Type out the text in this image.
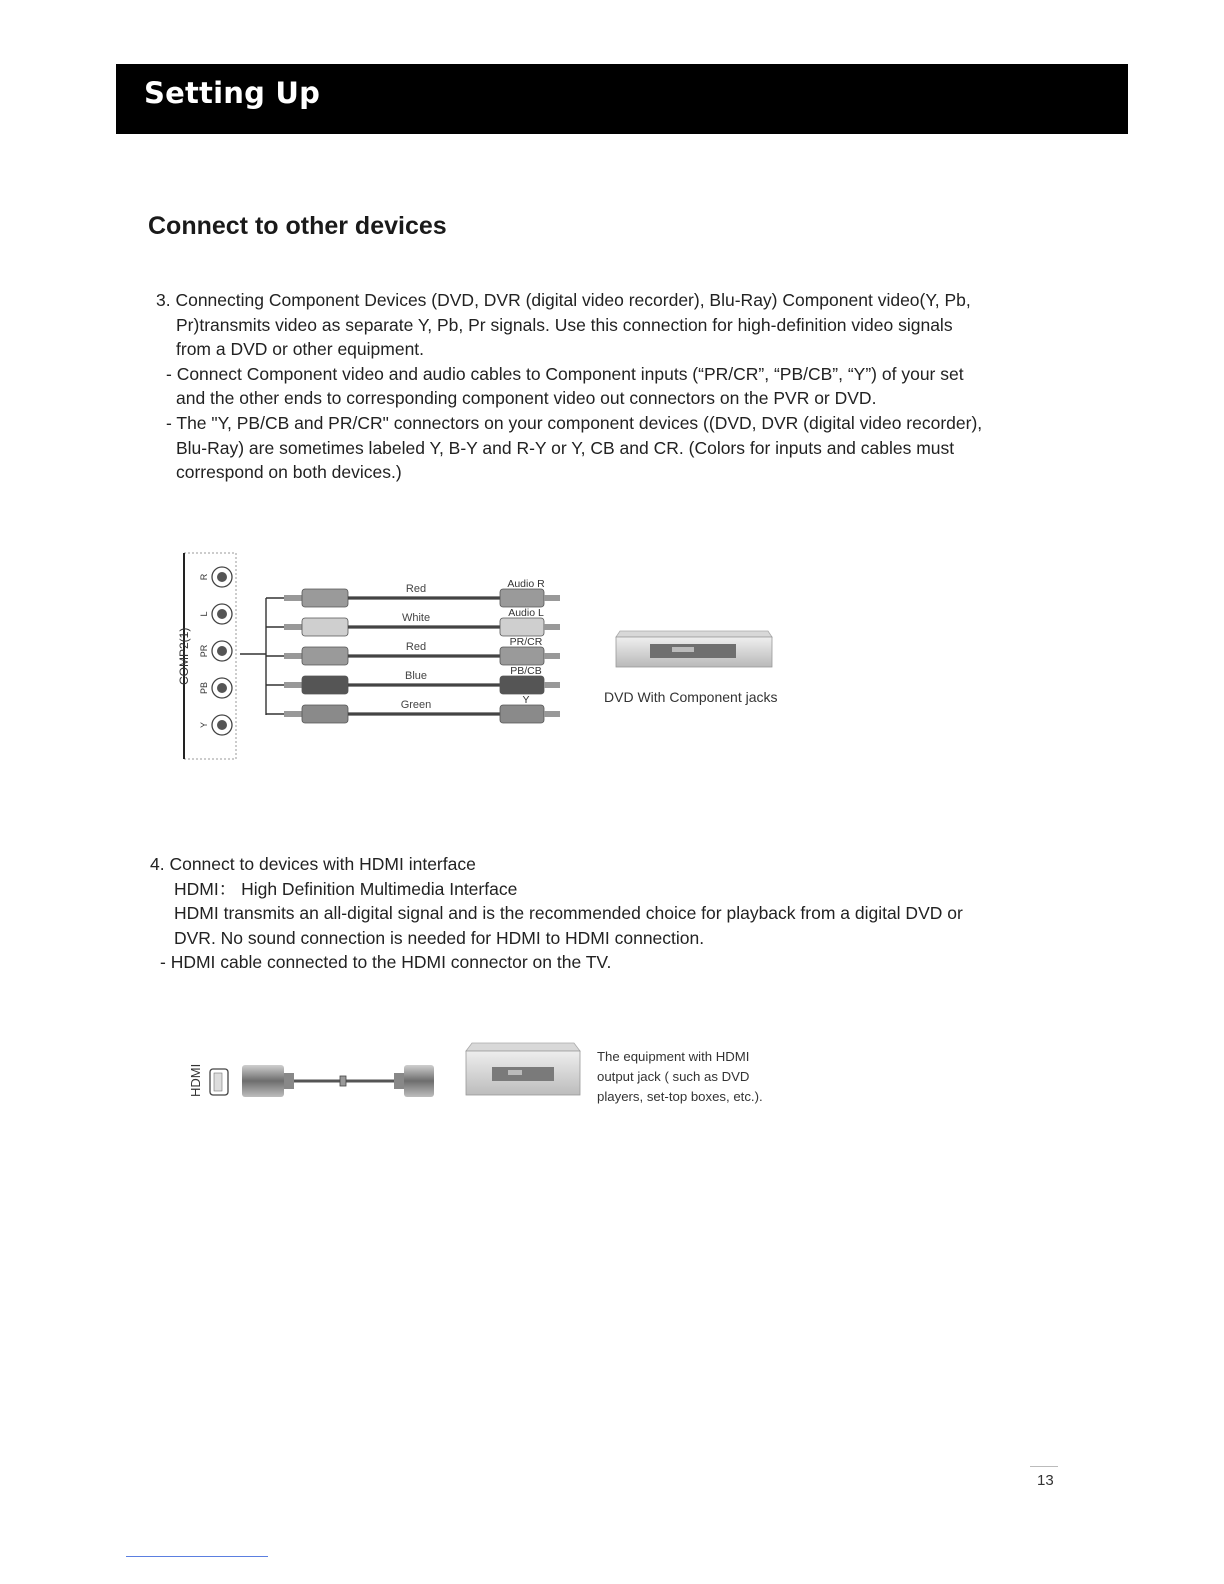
Setting Up
Connect to other devices

3. Connecting Component Devices (DVD, DVR (digital video recorder), Blu-Ray) Component video(Y, Pb,

Pr)transmits video as separate Y, Pb, Pr signals. Use this connection for high-definition video signals

from a DVD or other equipment.

- Connect Component video and audio cables to Component inputs (“PR/CR”, “PB/CB”, “Y”) of your set

and the other ends to corresponding component video out connectors on the PVR or DVD.

- The "Y, PB/CB and PR/CR" connectors on your component devices ((DVD, DVR (digital video recorder),

Blu-Ray) are sometimes labeled Y, B-Y and R-Y or Y, CB and CR. (Colors for inputs and cables must

correspond on both devices.)

COMP2(1)
R
L
PR
PB
Y
Red	Audio R
White	Audio L
Red	PR/CR
Blue	PB/CB
Green	Y	DVD With Component jacks

4. Connect to devices with HDMI interface

HDMI： High Definition Multimedia Interface

HDMI transmits an all-digital signal and is the recommended choice for playback from a digital DVD or

DVR. No sound connection is needed for HDMI to HDMI connection.

- HDMI cable connected to the HDMI connector on the TV.

HDMI
The equipment with HDMI
output jack ( such as DVD
players, set-top boxes, etc.).
13
